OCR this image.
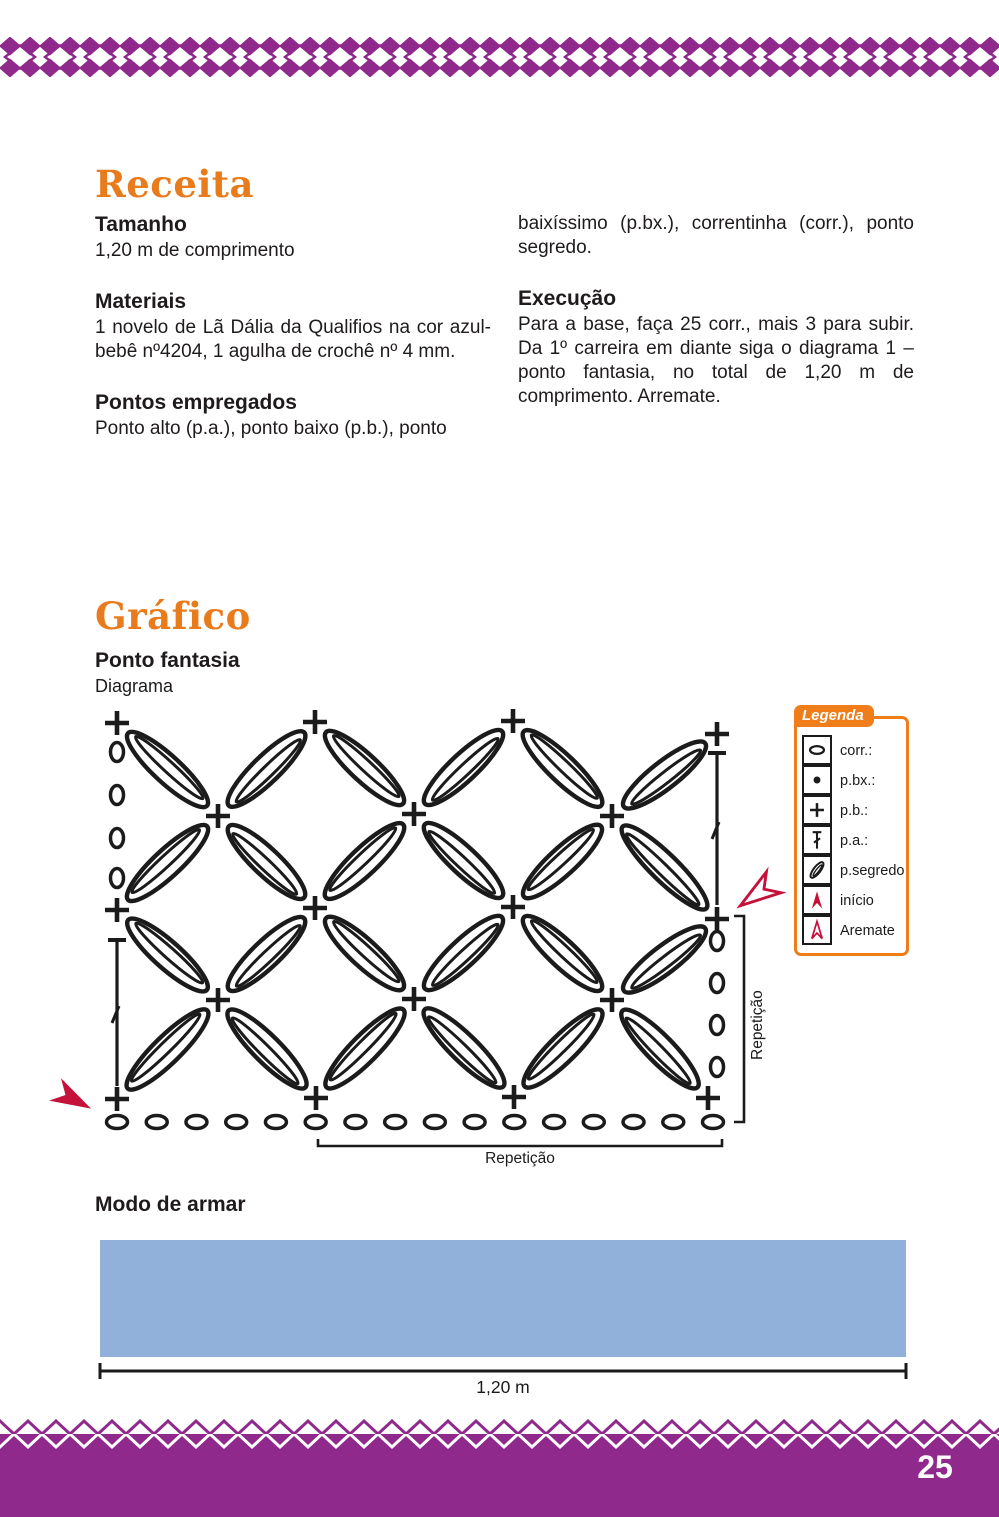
Receita
Tamanho

1,20 m de comprimento

Materiais

1 novelo de Lã Dália da Qualifios na cor azul-bebê nº4204, 1 agulha de crochê nº 4 mm.

Pontos empregados

Ponto alto (p.a.), ponto baixo (p.b.), ponto

baixíssimo (p.bx.), correntinha (corr.), ponto segredo.

Execução

Para a base, faça 25 corr., mais 3 para subir. Da 1º carreira em diante siga o diagrama 1 – ponto fantasia, no total de 1,20 m de comprimento. Arremate.

Gráfico
Ponto fantasia
Diagrama
Repetição
Repetição
Legenda
corr.:
p.bx.:
p.b.:
p.a.:
p.segredo
início
Aremate
Modo de armar
1,20 m
25
